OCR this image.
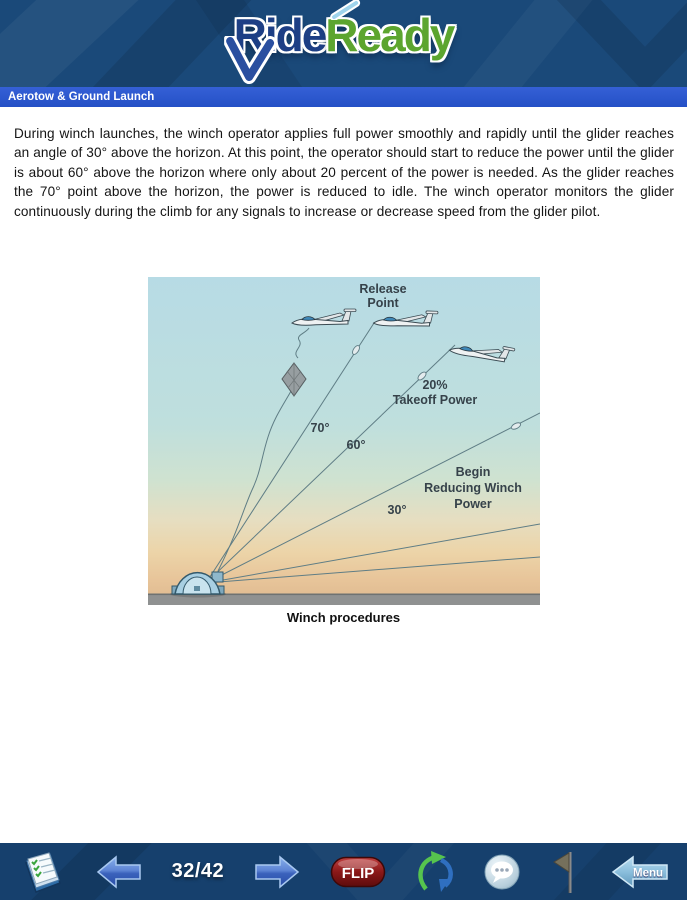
RideReady
Aerotow & Ground Launch
During winch launches, the winch operator applies full power smoothly and rapidly until the glider reaches an angle of 30° above the horizon. At this point, the operator should start to reduce the power until the glider is about 60° above the horizon where only about 20 percent of the power is needed. As the glider reaches the 70° point above the horizon, the power is reduced to idle. The winch operator monitors the glider continuously during the climb for any signals to increase or decrease speed from the glider pilot.
Release
Point
20%
Takeoff Power
70°
60°
30°
Begin
Reducing Winch
Power
Winch procedures
32/42	FLIP	Menu
